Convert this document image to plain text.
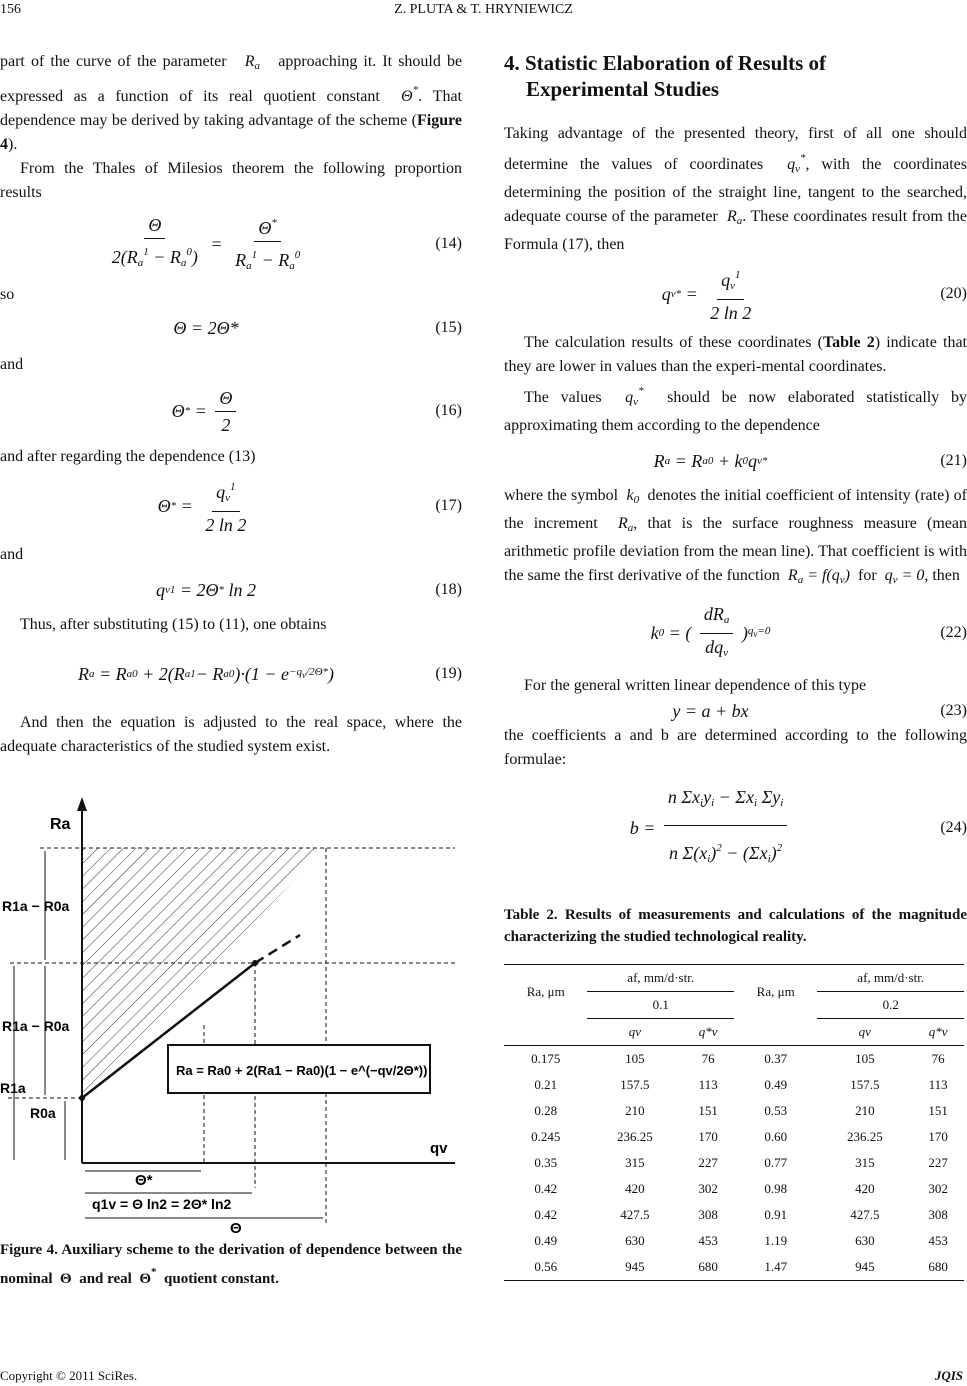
156	Z. PLUTA & T. HRYNIEWICZ

part of the curve of the parameter   $R_a$ approaching it. It should be expressed as a function of its real quotient constant  Θ*. That dependence may be derived by taking advantage of the scheme (Figure 4).

From the Thales of Milesios theorem the following proportion results

$\frac{\Theta}{2(R_a^1 - R_a^0)} = \frac{\Theta^*}{R_a^1 - R_a^0}$	(14)

so

Θ = 2Θ*	(15)

and

Θ * = $\frac{\Theta}{2}$	(16)

and after regarding the dependence (13)

Θ * = $\frac{q_v^1}{2 \ln 2}$	(17)

and

q v 1 = 2Θ * ln 2	(18)

Thus, after substituting (15) to (11), one obtains

R a = R a 0 + 2(R a 1 − R a 0 )$\cdot(1 - e -q_v/2\Theta*$ )	(19)

And then the equation is adjusted to the real space, where the adequate characteristics of the studied system exist.

Ra
R1a − R0a
R1a − R0a
R1a
R0a
qv
Θ*
q1v = Θ ln2 = 2Θ* ln2
Θ
Ra = Ra0 + 2(Ra1 − Ra0)(1 − e^(−qv/2Θ*))

Figure 4. Auxiliary scheme to the derivation of dependence between the nominal Θ and real Θ* quotient constant.

4. Statistic Elaboration of Results of
Experimental Studies

Taking advantage of the presented theory, first of all one should determine the values of coordinates  $q_v^*$, with the coordinates determining the position of the straight line, tangent to the searched, adequate course of the parameter  $R_a$. These coordinates result from the Formula (17), then

q v * = $\frac{q_v^1}{2 \ln 2}$	(20)

The calculation results of these coordinates (Table 2) indicate that they are lower in values than the experi-mental coordinates.

The values  $q_v^*$ should be now elaborated statistically by approximating them according to the dependence

R a = R a 0 + k 0 q v *	(21)

where the symbol  $k_0$ denotes the initial coefficient of intensity (rate) of the increment  $R_a$, that is the surface roughness measure (mean arithmetic profile deviation from the mean line). That coefficient is with the same the first derivative of the function  $R_a = f(q_v)$  for  $q_v = 0$, then

k 0 = ( $\frac{dR_a}{dq_v}$ ) $q_v=0$	(22)

For the general written linear dependence of this type

y = a + bx	(23)

the coefficients a and b are determined according to the following formulae:

$b = \frac{n \Sigma x_iy_i - \Sigma x_i \Sigma y_i}{n \Sigma(x_i)^2 - (\Sigma x_i)^2}$	(24)

Table 2. Results of measurements and calculations of the magnitude characterizing the studied technological reality.

Ra, μm	af, mm/d·str.		Ra, μm	af, mm/d·str.	
	0.1			0.2	
	qv	q*v		qv	q*v
0.175	105	76	0.37	105	76
0.21	157.5	113	0.49	157.5	113
0.28	210	151	0.53	210	151
0.245	236.25	170	0.60	236.25	170
0.35	315	227	0.77	315	227
0.42	420	302	0.98	420	302
0.42	427.5	308	0.91	427.5	308
0.49	630	453	1.19	630	453
0.56	945	680	1.47	945	680
Copyright © 2011 SciRes.	JQIS
